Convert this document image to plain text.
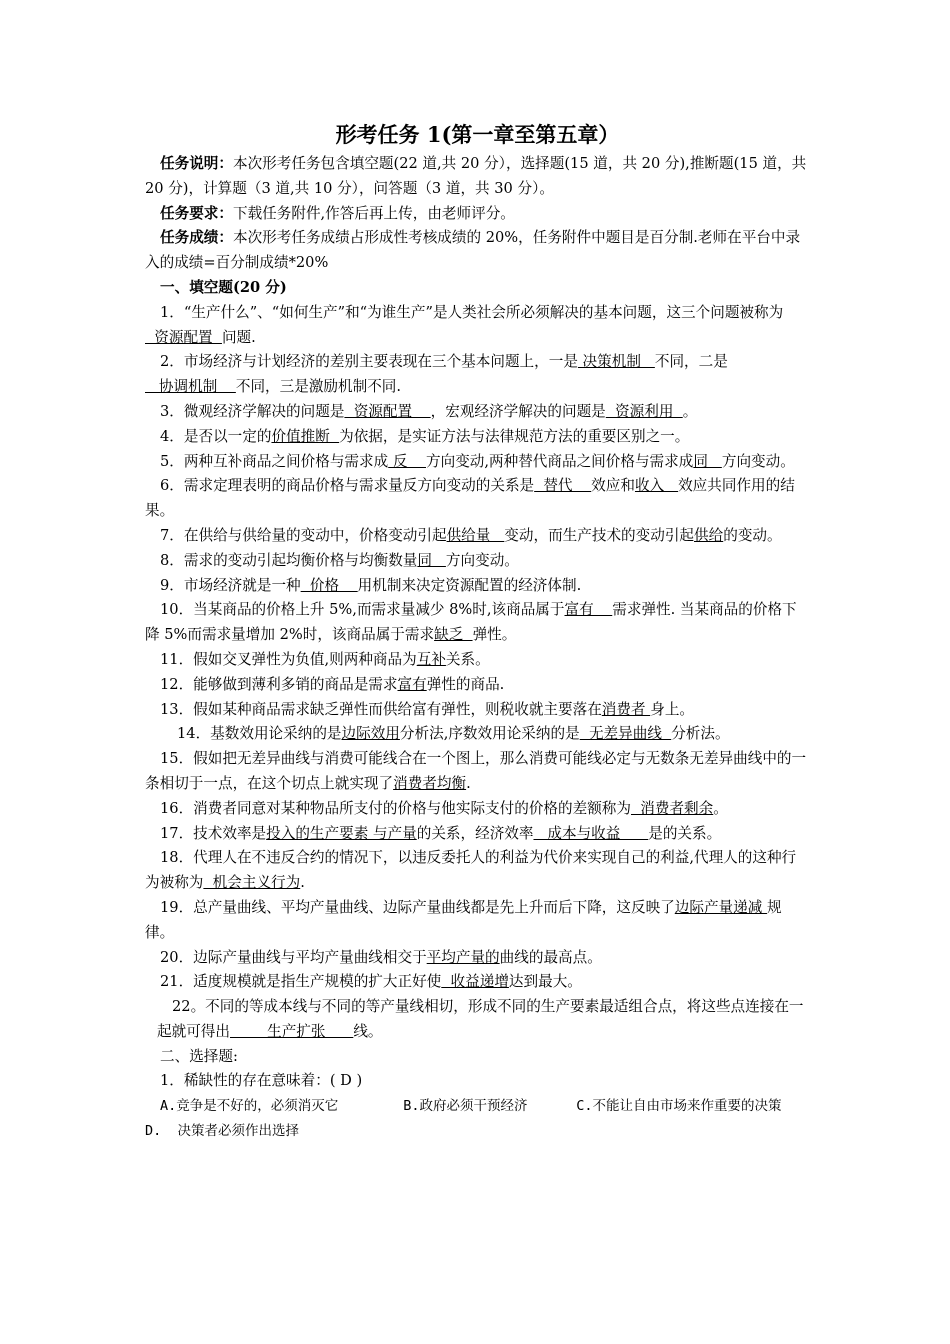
形考任务 1(第一章至第五章）

任务说明：本次形考任务包含填空题(22 道,共 20 分），选择题(15 道，共 20 分),推断题(15 道，共 20 分)，计算题（3 道,共 10 分），问答题（3 道，共 30 分）。

任务要求：下载任务附件,作答后再上传，由老师评分。

任务成绩：本次形考任务成绩占形成性考核成绩的 20%，任务附件中题目是百分制.老师在平台中录入的成绩=百分制成绩*20%

一、填空题(20 分)

1．“生产什么”、“如何生产”和“为谁生产”是人类社会所必须解决的基本问题，这三个问题被称为  资源配置  问题.

2．市场经济与计划经济的差别主要表现在三个基本问题上，一是 决策机制   不同，二是   协调机制    不同，三是激励机制不同.

3．微观经济学解决的问题是  资源配置    ，宏观经济学解决的问题是  资源利用  。

4．是否以一定的价值推断  为依据，是实证方法与法律规范方法的重要区别之一。

5．两种互补商品之间价格与需求成 反    方向变动,两种替代商品之间价格与需求成同   方向变动。

6．需求定理表明的商品价格与需求量反方向变动的关系是  替代    效应和收入   效应共同作用的结果。

7．在供给与供给量的变动中，价格变动引起供给量   变动，而生产技术的变动引起供给的变动。

8．需求的变动引起均衡价格与均衡数量同   方向变动。

9．市场经济就是一种  价格    用机制来决定资源配置的经济体制.

10．当某商品的价格上升 5%,而需求量减少 8%时,该商品属于富有    需求弹性. 当某商品的价格下降 5%而需求量增加 2%时，该商品属于需求缺乏  弹性。

11．假如交叉弹性为负值,则两种商品为互补关系。

12．能够做到薄利多销的商品是需求富有弹性的商品.

13．假如某种商品需求缺乏弹性而供给富有弹性，则税收就主要落在消费者 身上。

14．基数效用论采纳的是边际效用分析法,序数效用论采纳的是  无差异曲线  分析法。

15．假如把无差异曲线与消费可能线合在一个图上，那么消费可能线必定与无数条无差异曲线中的一条相切于一点，在这个切点上就实现了消费者均衡.

16．消费者同意对某种物品所支付的价格与他实际支付的价格的差额称为  消费者剩余。

17．技术效率是投入的生产要素 与产量的关系，经济效率   成本与收益      是的关系。

18．代理人在不违反合约的情况下，以违反委托人的利益为代价来实现自己的利益,代理人的这种行为被称为  机会主义行为.

19．总产量曲线、平均产量曲线、边际产量曲线都是先上升而后下降，这反映了边际产量递减 规律。

20．边际产量曲线与平均产量曲线相交于平均产量的曲线的最高点。

21．适度规模就是指生产规模的扩大正好使  收益递增达到最大。

22。不同的等成本线与不同的等产量线相切，形成不同的生产要素最适组合点，将这些点连接在一起就可得出        生产扩张      线。

二、选择题:

1．稀缺性的存在意味着：( D )

A.竞争是不好的，必须消灭它        B.政府必须干预经济      C.不能让自由市场来作重要的决策         D.  决策者必须作出选择
